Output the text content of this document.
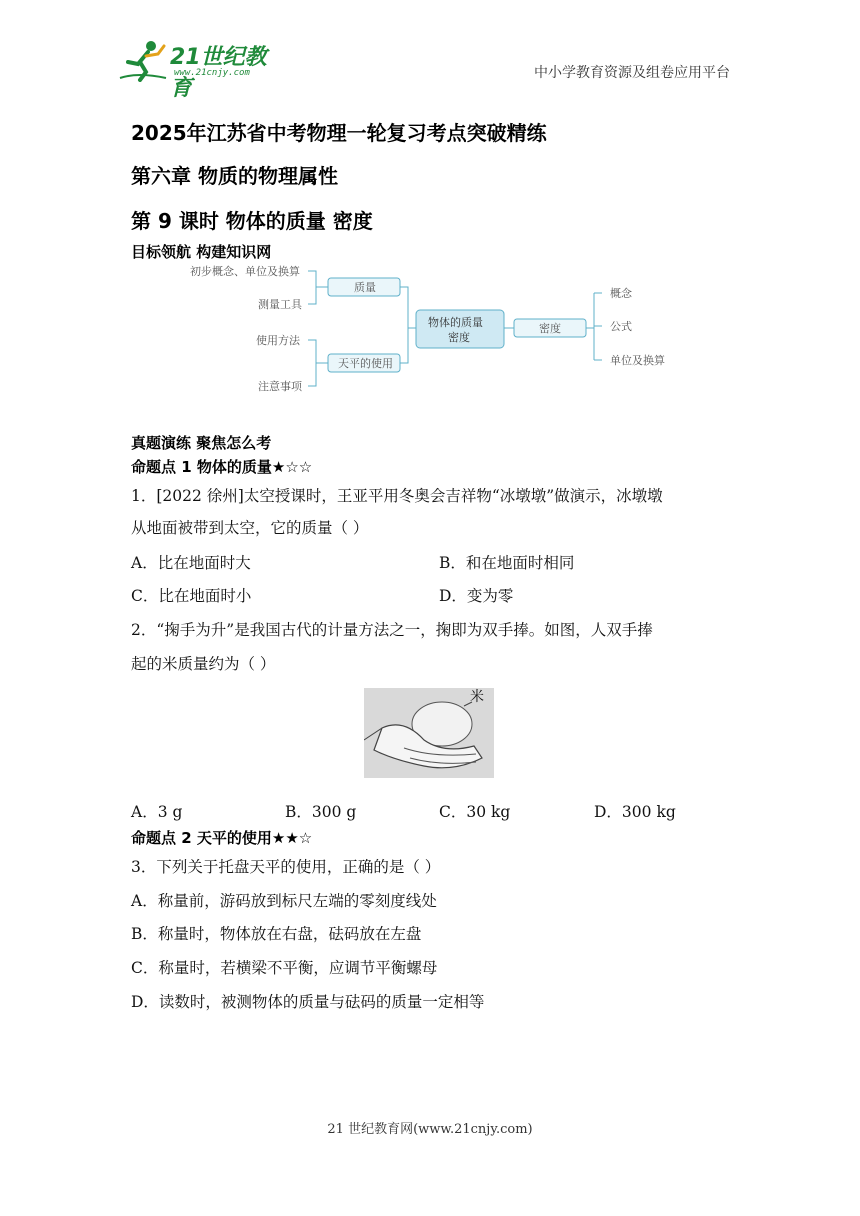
21世纪教育
www.21cnjy.com	中小学教育资源及组卷应用平台
2025年江苏省中考物理一轮复习考点突破精练
第六章 物质的物理属性
第 9 课时 物体的质量 密度
目标领航 构建知识网
初步概念、单位及换算
测量工具
使用方法
注意事项
质量
天平的使用
物体的质量
密度
密度
概念
公式
单位及换算
真题演练 聚焦怎么考
命题点 1 物体的质量★☆☆
1．[2022 徐州]太空授课时，王亚平用冬奥会吉祥物“冰墩墩”做演示，冰墩墩
从地面被带到太空，它的质量（ ）
A．比在地面时大	B．和在地面时相同
C．比在地面时小	D．变为零
2．“掬手为升”是我国古代的计量方法之一，掬即为双手捧。如图，人双手捧
起的米质量约为（ ）
米
A．3 g	B．300 g	C．30 kg	D．300 kg
命题点 2 天平的使用★★☆
3．下列关于托盘天平的使用，正确的是（ ）
A．称量前，游码放到标尺左端的零刻度线处
B．称量时，物体放在右盘，砝码放在左盘
C．称量时，若横梁不平衡，应调节平衡螺母
D．读数时，被测物体的质量与砝码的质量一定相等
21 世纪教育网(www.21cnjy.com)
